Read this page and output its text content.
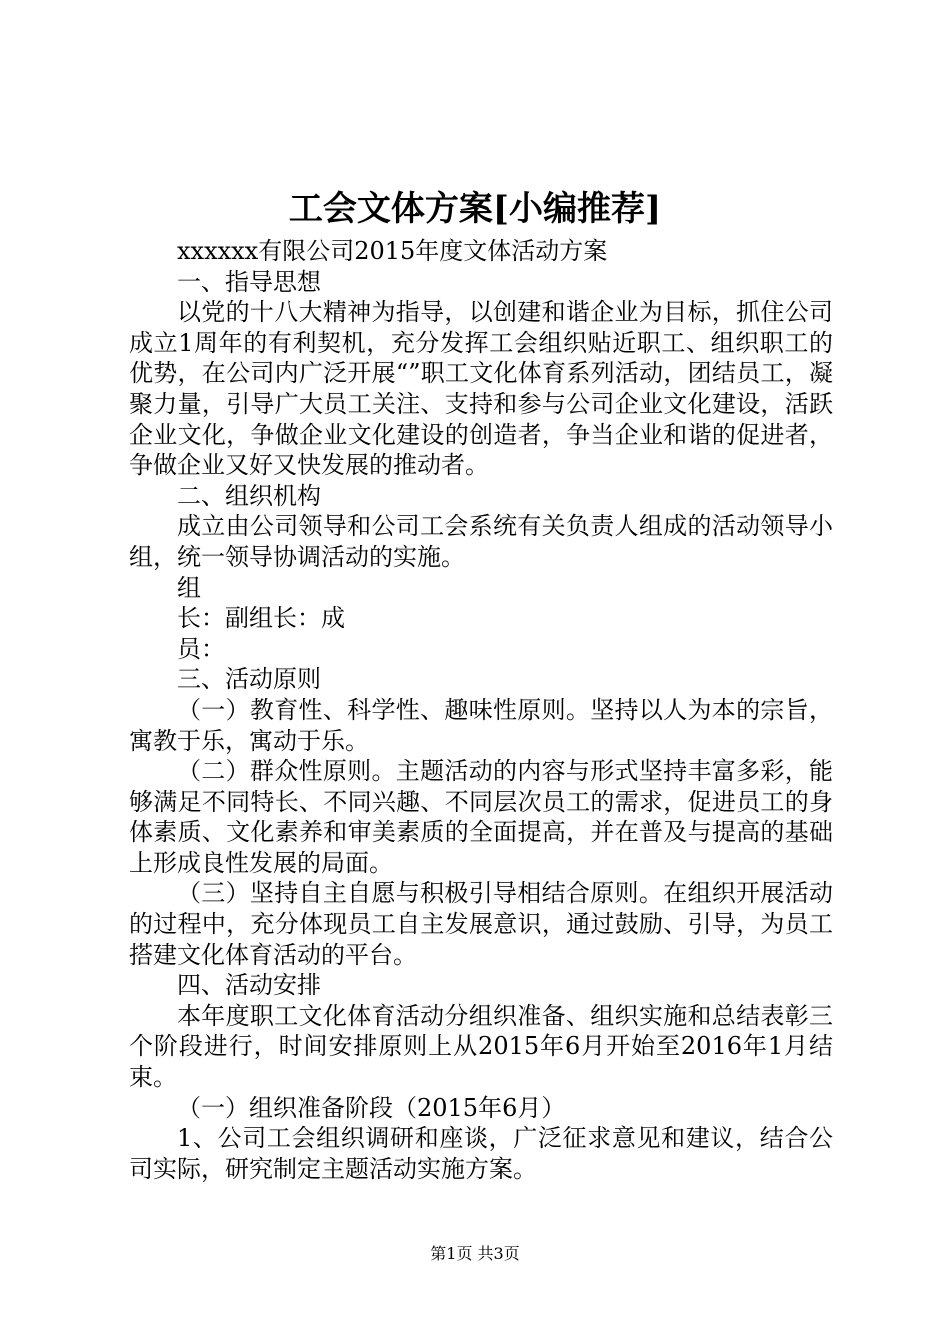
工会文体方案[小编推荐]

xxxxxx有限公司2015年度文体活动方案

一、指导思想

以党的十八大精神为指导，以创建和谐企业为目标，抓住公司成立1周年的有利契机，充分发挥工会组织贴近职工、组织职工的优势，在公司内广泛开展“”职工文化体育系列活动，团结员工，凝聚力量，引导广大员工关注、支持和参与公司企业文化建设，活跃企业文化，争做企业文化建设的创造者，争当企业和谐的促进者，争做企业又好又快发展的推动者。

二、组织机构

成立由公司领导和公司工会系统有关负责人组成的活动领导小组，统一领导协调活动的实施。

组

长：副组长：成

员：

三、活动原则

（一）教育性、科学性、趣味性原则。坚持以人为本的宗旨，寓教于乐，寓动于乐。

（二）群众性原则。主题活动的内容与形式坚持丰富多彩，能够满足不同特长、不同兴趣、不同层次员工的需求，促进员工的身体素质、文化素养和审美素质的全面提高，并在普及与提高的基础上形成良性发展的局面。

（三）坚持自主自愿与积极引导相结合原则。在组织开展活动的过程中，充分体现员工自主发展意识，通过鼓励、引导，为员工搭建文化体育活动的平台。

四、活动安排

本年度职工文化体育活动分组织准备、组织实施和总结表彰三个阶段进行，时间安排原则上从2015年6月开始至2016年1月结束。

（一）组织准备阶段（2015年6月）

1、公司工会组织调研和座谈，广泛征求意见和建议，结合公司实际，研究制定主题活动实施方案。

第1页 共3页
